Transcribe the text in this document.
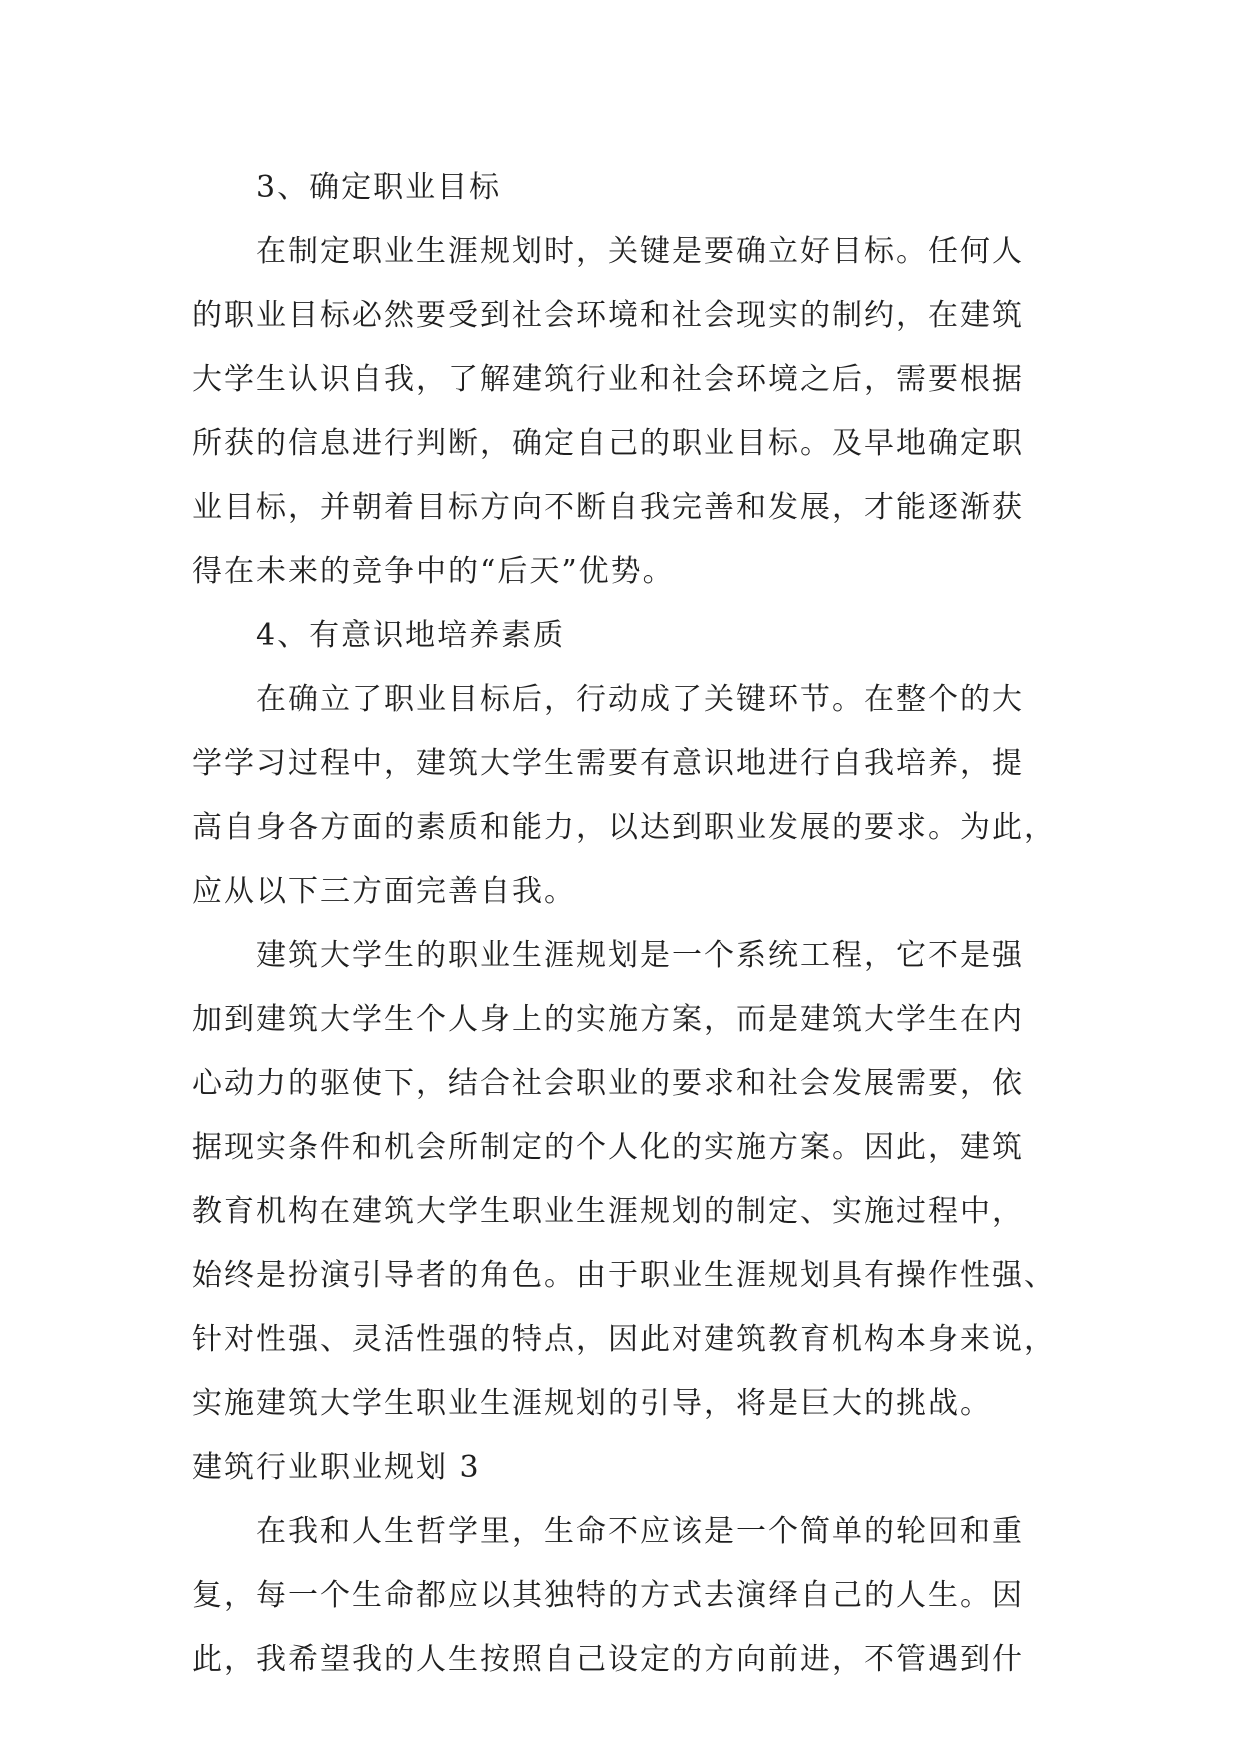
3、确定职业目标
在制定职业生涯规划时，关键是要确立好目标。任何人
的职业目标必然要受到社会环境和社会现实的制约，在建筑
大学生认识自我，了解建筑行业和社会环境之后，需要根据
所获的信息进行判断，确定自己的职业目标。及早地确定职
业目标，并朝着目标方向不断自我完善和发展，才能逐渐获
得在未来的竞争中的“后天”优势。
4、有意识地培养素质
在确立了职业目标后，行动成了关键环节。在整个的大
学学习过程中，建筑大学生需要有意识地进行自我培养，提
高自身各方面的素质和能力，以达到职业发展的要求。为此，
应从以下三方面完善自我。
建筑大学生的职业生涯规划是一个系统工程，它不是强
加到建筑大学生个人身上的实施方案，而是建筑大学生在内
心动力的驱使下，结合社会职业的要求和社会发展需要，依
据现实条件和机会所制定的个人化的实施方案。因此，建筑
教育机构在建筑大学生职业生涯规划的制定、实施过程中，
始终是扮演引导者的角色。由于职业生涯规划具有操作性强、
针对性强、灵活性强的特点，因此对建筑教育机构本身来说，
实施建筑大学生职业生涯规划的引导，将是巨大的挑战。
建筑行业职业规划 3
在我和人生哲学里，生命不应该是一个简单的轮回和重
复，每一个生命都应以其独特的方式去演绎自己的人生。因
此，我希望我的人生按照自己设定的方向前进，不管遇到什
